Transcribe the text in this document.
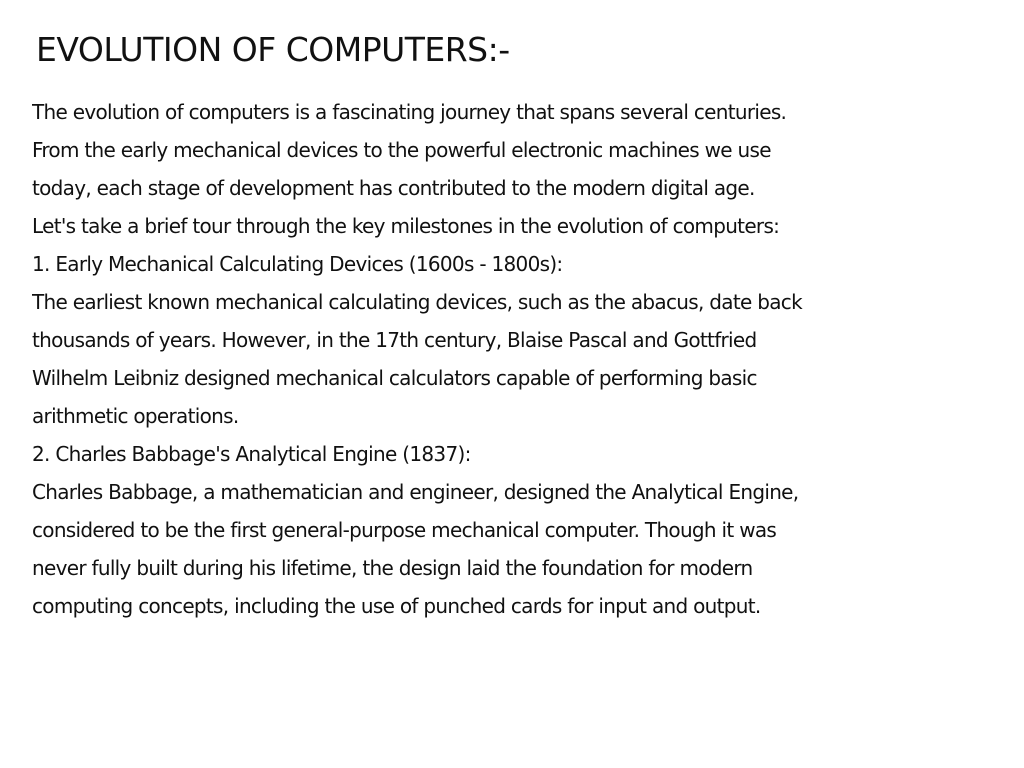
EVOLUTION OF COMPUTERS:-
The evolution of computers is a fascinating journey that spans several centuries.
From the early mechanical devices to the powerful electronic machines we use
today, each stage of development has contributed to the modern digital age.
Let's take a brief tour through the key milestones in the evolution of computers:
1. Early Mechanical Calculating Devices (1600s - 1800s):
The earliest known mechanical calculating devices, such as the abacus, date back
thousands of years. However, in the 17th century, Blaise Pascal and Gottfried
Wilhelm Leibniz designed mechanical calculators capable of performing basic
arithmetic operations.
2. Charles Babbage's Analytical Engine (1837):
Charles Babbage, a mathematician and engineer, designed the Analytical Engine,
considered to be the first general-purpose mechanical computer. Though it was
never fully built during his lifetime, the design laid the foundation for modern
computing concepts, including the use of punched cards for input and output.
